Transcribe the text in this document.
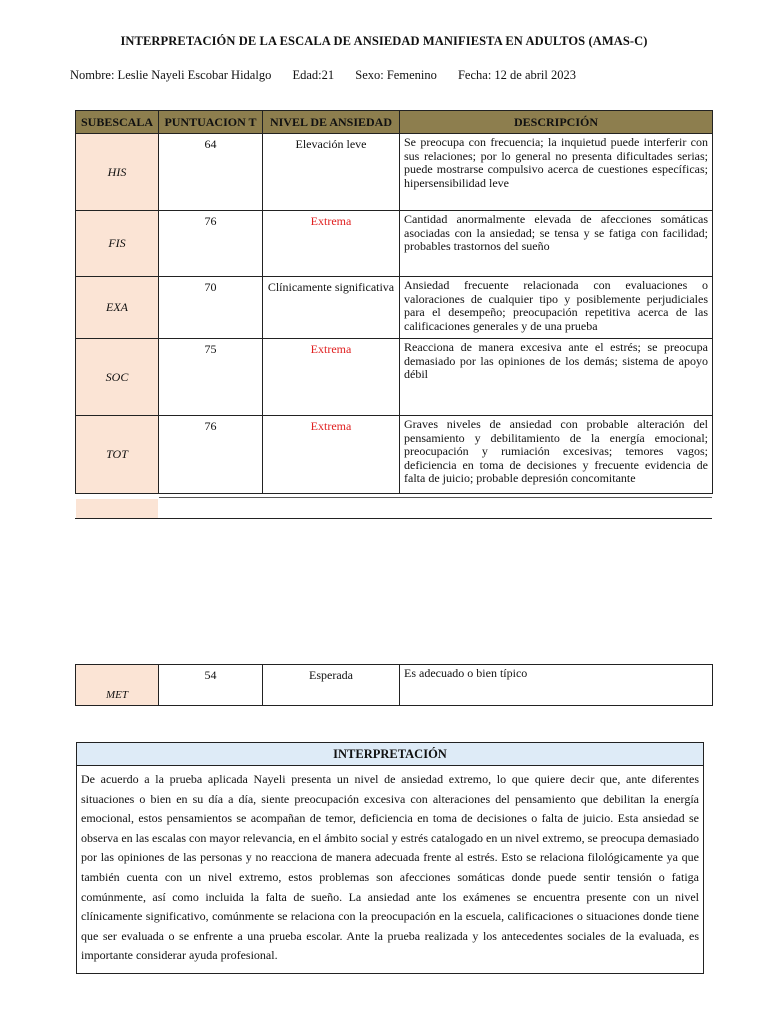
INTERPRETACIÓN DE LA ESCALA DE ANSIEDAD MANIFIESTA EN ADULTOS (AMAS-C)
Nombre: Leslie Nayeli Escobar Hidalgo Edad:21 Sexo: Femenino Fecha: 12 de abril 2023
SUBESCALA	PUNTUACION T	NIVEL DE ANSIEDAD	DESCRIPCIÓN
HIS	64	Elevación leve	Se preocupa con frecuencia; la inquietud puede interferir con sus relaciones; por lo general no presenta dificultades serias; puede mostrarse compulsivo acerca de cuestiones específicas; hipersensibilidad leve
FIS	76	Extrema	Cantidad anormalmente elevada de afecciones somáticas asociadas con la ansiedad; se tensa y se fatiga con facilidad; probables trastornos del sueño
EXA	70	Clínicamente significativa	Ansiedad frecuente relacionada con evaluaciones o valoraciones de cualquier tipo y posiblemente perjudiciales para el desempeño; preocupación repetitiva acerca de las calificaciones generales y de una prueba
SOC	75	Extrema	Reacciona de manera excesiva ante el estrés; se preocupa demasiado por las opiniones de los demás; sistema de apoyo débil
TOT	76	Extrema	Graves niveles de ansiedad con probable alteración del pensamiento y debilitamiento de la energía emocional; preocupación y rumiación excesivas; temores vagos; deficiencia en toma de decisiones y frecuente evidencia de falta de juicio; probable depresión concomitante
MET	54	Esperada	Es adecuado o bien típico
INTERPRETACIÓN
De acuerdo a la prueba aplicada Nayeli presenta un nivel de ansiedad extremo, lo que quiere decir que, ante diferentes situaciones o bien en su día a día, siente preocupación excesiva con alteraciones del pensamiento que debilitan la energía emocional, estos pensamientos se acompañan de temor, deficiencia en toma de decisiones o falta de juicio. Esta ansiedad se observa en las escalas con mayor relevancia, en el ámbito social y estrés catalogado en un nivel extremo, se preocupa demasiado por las opiniones de las personas y no reacciona de manera adecuada frente al estrés. Esto se relaciona filológicamente ya que también cuenta con un nivel extremo, estos problemas son afecciones somáticas donde puede sentir tensión o fatiga comúnmente, así como incluida la falta de sueño. La ansiedad ante los exámenes se encuentra presente con un nivel clínicamente significativo, comúnmente se relaciona con la preocupación en la escuela, calificaciones o situaciones donde tiene que ser evaluada o se enfrente a una prueba escolar. Ante la prueba realizada y los antecedentes sociales de la evaluada, es importante considerar ayuda profesional.
